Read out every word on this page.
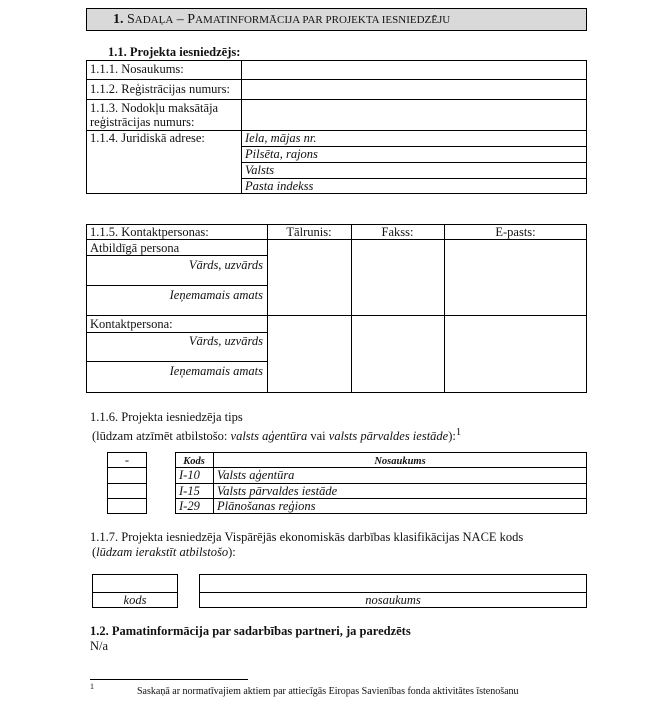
1. SADAĻA – PAMATINFORMĀCIJA PAR PROJEKTA IESNIEDZĒJU
1.1. Projekta iesniedzējs:
1.1.1. Nosaukums:
1.1.2. Reģistrācijas numurs:
1.1.3. Nodokļu maksātāja
reģistrācijas numurs:
1.1.4. Juridiskā adrese:	Iela, mājas nr.
Pilsēta, rajons
Valsts
Pasta indekss
1.1.5. Kontaktpersonas:	Tālrunis:	Fakss:	E-pasts:
Atbildīgā persona
Vārds, uzvārds
Ieņemamais amats
Kontaktpersona:
Vārds, uzvārds
Ieņemamais amats
1.1.6. Projekta iesniedzēja tips
(lūdzam atzīmēt atbilstošo: valsts aģentūra vai valsts pārvaldes iestāde):$^1$
-	Kods	Nosaukums
I-10 Valsts aģentūra
I-15 Valsts pārvaldes iestāde
I-29 Plānošanas reģions
1.1.7. Projekta iesniedzēja Vispārējās ekonomiskās darbības klasifikācijas NACE kods
(lūdzam ierakstīt atbilstošo):
kods	nosaukums
1.2. Pamatinformācija par sadarbības partneri, ja paredzēts
N/a
1	Saskaņā ar normatīvajiem aktiem par attiecīgās Eiropas Savienības fonda aktivitātes īstenošanu
